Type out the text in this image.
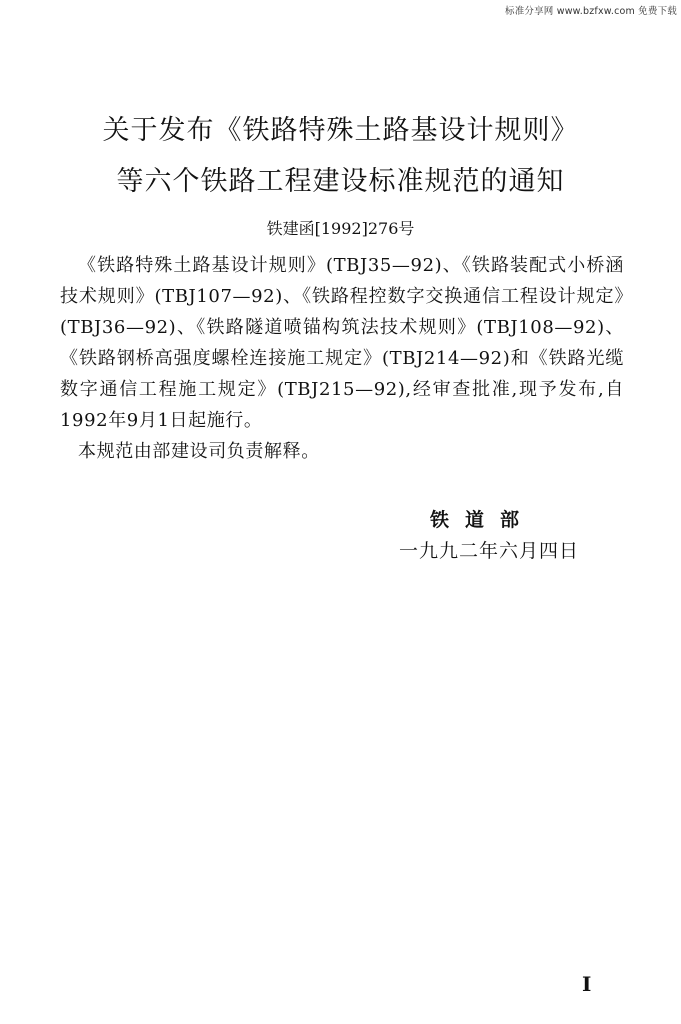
标准分享网 www.bzfxw.com 免费下载
关于发布《铁路特殊土路基设计规则》
等六个铁路工程建设标准规范的通知
铁建函[1992]276号

《铁路特殊土路基设计规则》(TBJ35—92)、《铁路装配式小桥涵技术规则》(TBJ107—92)、《铁路程控数字交换通信工程设计规定》(TBJ36—92)、《铁路隧道喷锚构筑法技术规则》(TBJ108—92)、《铁路钢桥高强度螺栓连接施工规定》(TBJ214—92)和《铁路光缆数字通信工程施工规定》(TBJ215—92),经审查批准,现予发布,自1992年9月1日起施行。

本规范由部建设司负责解释。

铁道部
一九九二年六月四日
I
